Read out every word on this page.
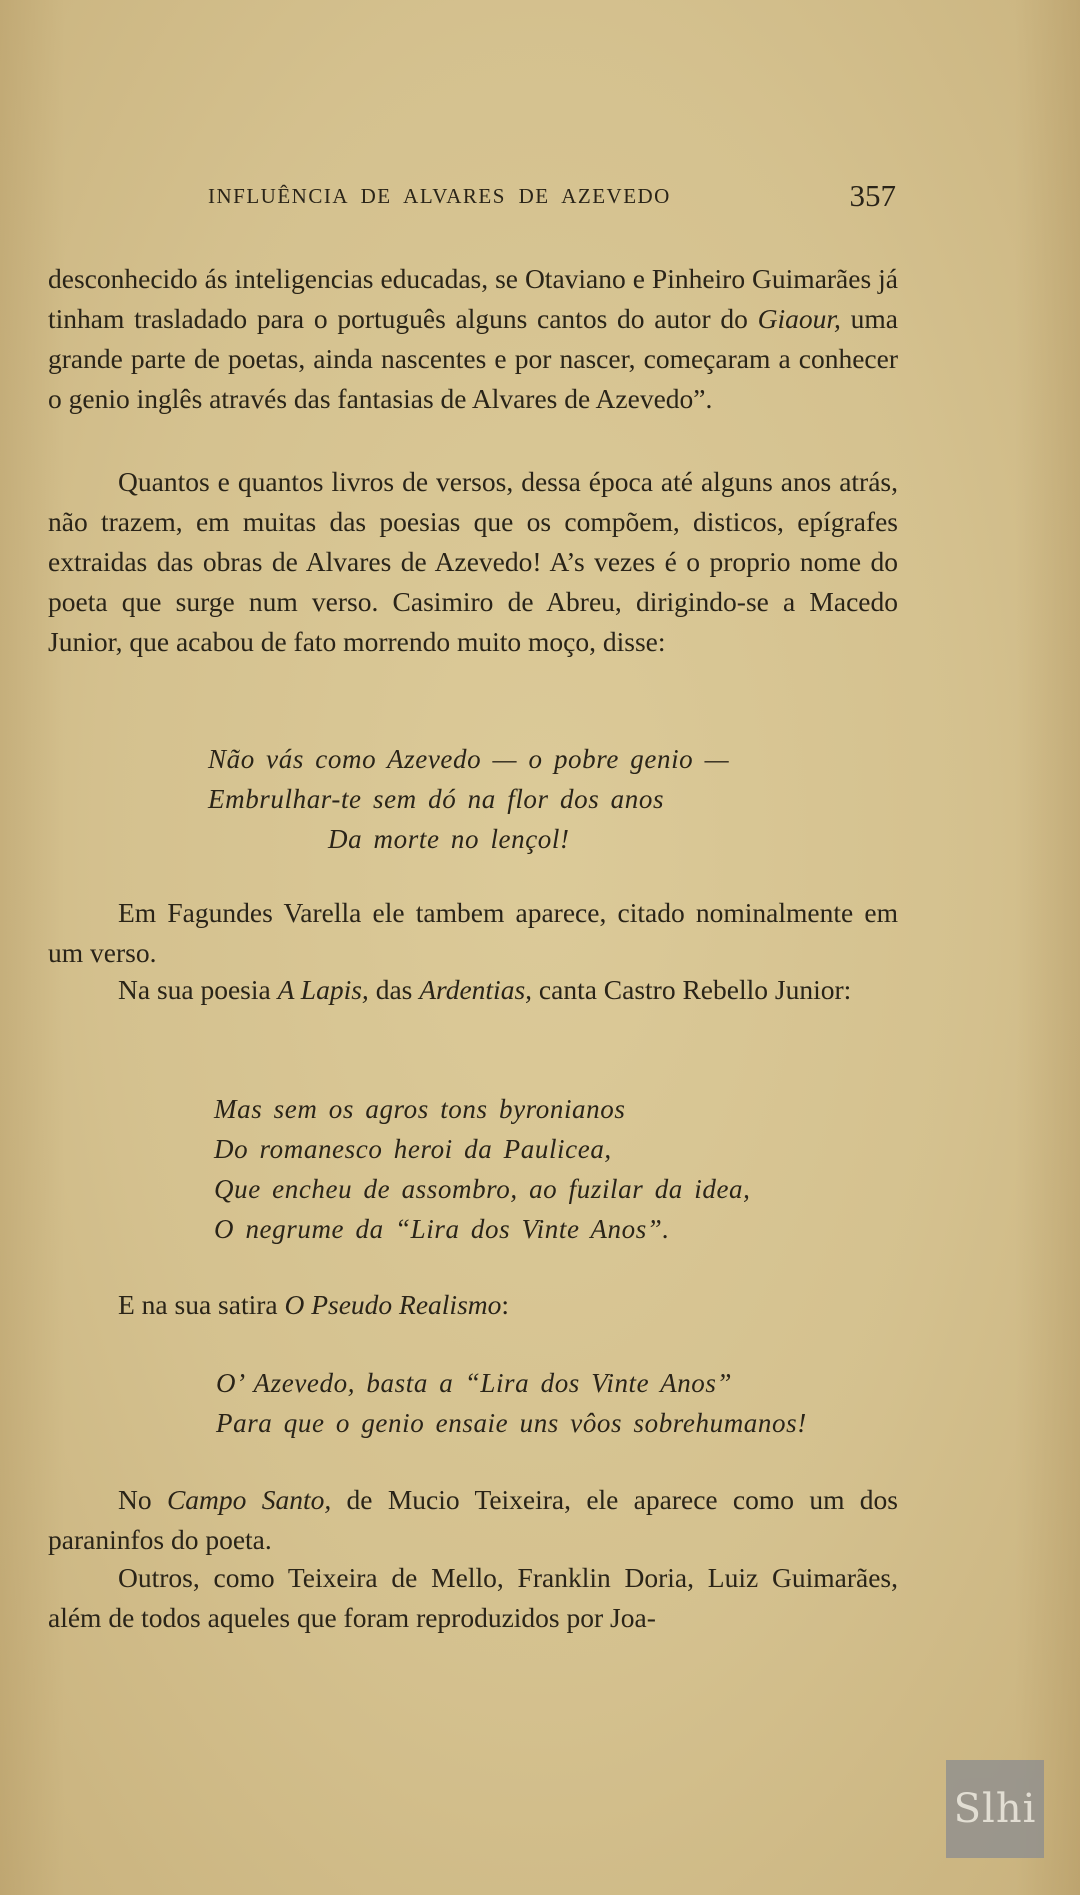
INFLUÊNCIA DE ALVARES DE AZEVEDO	357

desconhecido ás inteligencias educadas, se Otaviano e Pinheiro Guimarães já tinham trasladado para o português alguns cantos do autor do Giaour, uma grande parte de poetas, ainda nascentes e por nascer, começaram a conhecer o genio inglês através das fantasias de Alvares de Azevedo”.

Quantos e quantos livros de versos, dessa época até alguns anos atrás, não trazem, em muitas das poesias que os compõem, disticos, epígrafes extraidas das obras de Alvares de Azevedo! A’s vezes é o proprio nome do poeta que surge num verso. Casimiro de Abreu, dirigindo-se a Macedo Junior, que acabou de fato morrendo muito moço, disse:

Não vás como Azevedo — o pobre genio —
Embrulhar-te sem dó na flor dos anos
Da morte no lençol!

Em Fagundes Varella ele tambem aparece, citado nominalmente em um verso.

Na sua poesia A Lapis, das Ardentias, canta Castro Rebello Junior:

Mas sem os agros tons byronianos
Do romanesco heroi da Paulicea,
Que encheu de assombro, ao fuzilar da idea,
O negrume da “Lira dos Vinte Anos”.

E na sua satira O Pseudo Realismo:

O’ Azevedo, basta a “Lira dos Vinte Anos”
Para que o genio ensaie uns vôos sobrehumanos!

No Campo Santo, de Mucio Teixeira, ele aparece como um dos paraninfos do poeta.

Outros, como Teixeira de Mello, Franklin Doria, Luiz Guimarães, além de todos aqueles que foram reproduzidos por Joa-

Slhi
